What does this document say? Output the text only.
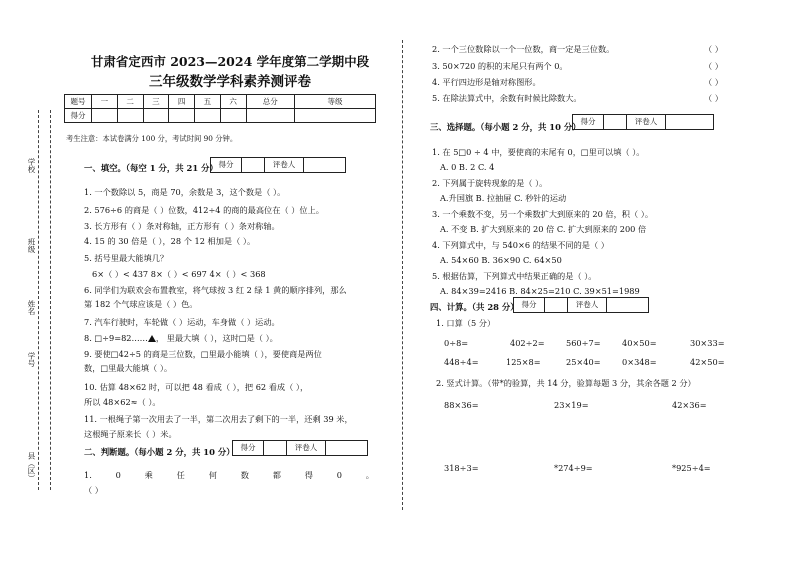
学校
班级
姓名
学号
县（区）
甘肃省定西市 2023—2024 学年度第二学期中段
三年级数学学科素养测评卷
题号	一	二	三	四	五	六	总分	等级
得分								
考生注意：本试卷满分 100 分，考试时间 90 分钟。
一、填空。（每空 1 分，共 21 分） 得分	评卷人
1. 一个数除以 5，商是 70，余数是 3，这个数是（ ）。
2. 576÷6 的商是（ ）位数，412÷4 的商的最高位在（ ）位上。
3. 长方形有（ ）条对称轴，正方形有（ ）条对称轴。
4. 15 的 30 倍是（ ），28 个 12 相加是（ ）。
5. 括号里最大能填几？
6×（ ）< 437 8×（ ）< 697 4×（ ）< 368
6. 同学们为联欢会布置教室，将气球按 3 红 2 绿 1 黄的顺序排列，那么
第 182 个气球应该是（ ）色。
7. 汽车行驶时，车轮做（ ）运动，车身做（ ）运动。
8. □÷9=82…… ， 里最大填（ ），这时□是（ ）。
9. 要使□42÷5 的商是三位数，□里最小能填（ ），要使商是两位
数，□里最大能填（ ）。
10. 估算 48×62 时，可以把 48 看成（ ），把 62 看成（ ），
所以 48×62≈（ ）。
11. 一根绳子第一次用去了一半，第二次用去了剩下的一半，还剩 39 米，
这根绳子原来长（ ）米。
二、判断题。（每小题 2 分，共 10 分） 得分	评卷人
1.	0	乘	任	何	数	都	得	0	。
（ ）
2. 一个三位数除以一个一位数，商一定是三位数。	（ ）
3. 50×720 的积的末尾只有两个 0。	（ ）
4. 平行四边形是轴对称图形。	（ ）
5. 在除法算式中，余数有时候比除数大。	（ ）
三、选择题。（每小题 2 分，共 10 分）
得分	评卷人
1. 在 5□0 ÷ 4 中，要使商的末尾有 0，□里可以填（ ）。
A. 0 B. 2 C. 4
2. 下列属于旋转现象的是（ ）。
A.升国旗 B. 拉抽屉 C. 秒针的运动
3. 一个乘数不变，另一个乘数扩大到原来的 20 倍，积（ ）。
A. 不变 B. 扩大到原来的 20 倍 C. 扩大到原来的 200 倍
4. 下列算式中，与 540×6 的结果不同的是（ ）
A. 54×60 B. 36×90 C. 64×50
5. 根据估算，下列算式中结果正确的是（ ）。
A. 84×39=2416 B. 84×25=210 C. 39×51=1989
四、计算。（共 28 分） 得分	评卷人
1. 口算（5 分）
0÷8=	402÷2=	560÷7=	40×50=	30×33=
448÷4=	125×8=	25×40=	0×348=	42×50=
2. 竖式计算。（带*的验算，共 14 分，验算每题 3 分，其余各题 2 分）
88×36=	23×19=	42×36=
318÷3=	*274÷9=	*925÷4=
